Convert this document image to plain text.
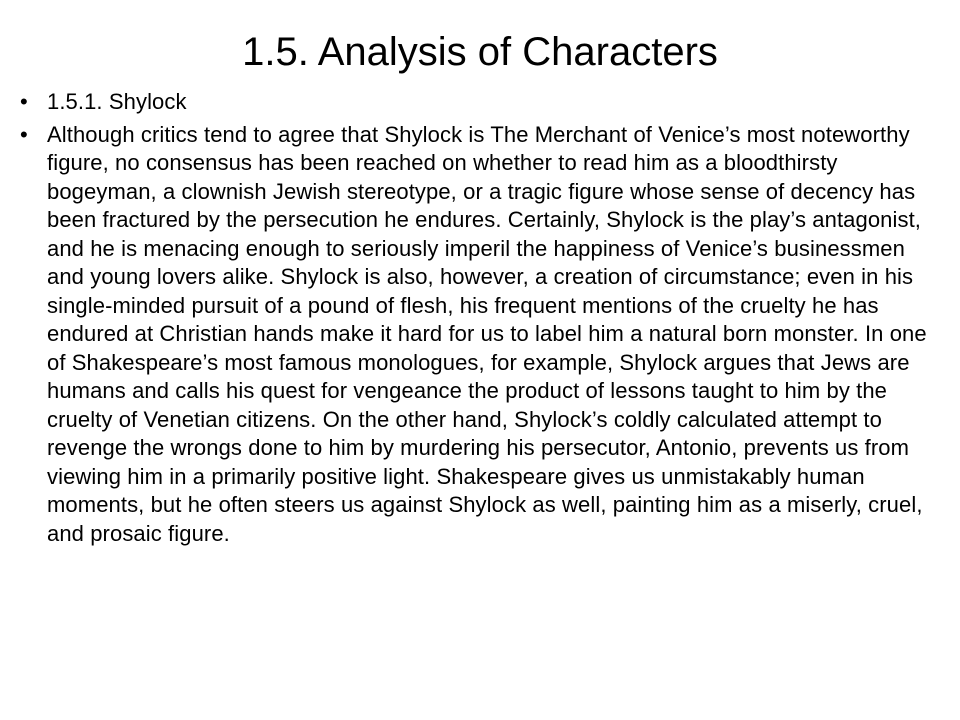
1.5. Analysis of Characters
• 1.5.1. Shylock
• Although critics tend to agree that Shylock is The Merchant of Venice’s most noteworthy figure, no consensus has been reached on whether to read him as a bloodthirsty bogeyman, a clownish Jewish stereotype, or a tragic figure whose sense of decency has been fractured by the persecution he endures. Certainly, Shylock is the play’s antagonist, and he is menacing enough to seriously imperil the happiness of Venice’s businessmen and young lovers alike. Shylock is also, however, a creation of circumstance; even in his single-minded pursuit of a pound of flesh, his frequent mentions of the cruelty he has endured at Christian hands make it hard for us to label him a natural born monster. In one of Shakespeare’s most famous monologues, for example, Shylock argues that Jews are humans and calls his quest for vengeance the product of lessons taught to him by the cruelty of Venetian citizens. On the other hand, Shylock’s coldly calculated attempt to revenge the wrongs done to him by murdering his persecutor, Antonio, prevents us from viewing him in a primarily positive light. Shakespeare gives us unmistakably human moments, but he often steers us against Shylock as well, painting him as a miserly, cruel, and prosaic figure.
